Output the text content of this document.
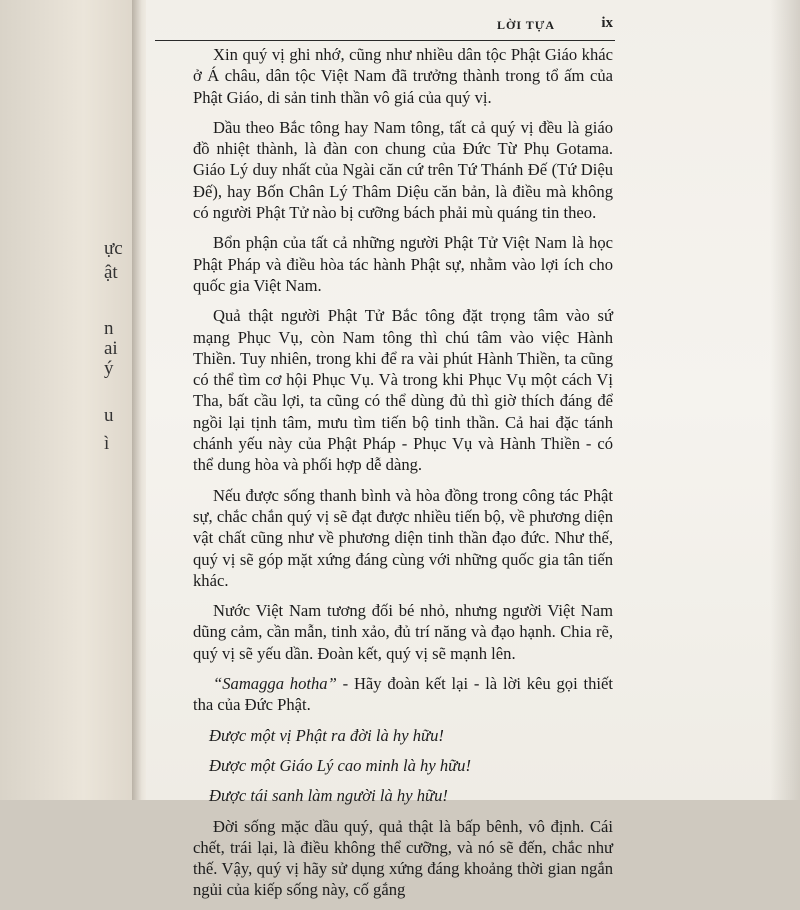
ực
ật
n
ai
ý
u
ì
LỜI TỰA	ix

Xin quý vị ghi nhớ, cũng như nhiều dân tộc Phật Giáo khác ở Á châu, dân tộc Việt Nam đã trưởng thành trong tổ ấm của Phật Giáo, di sản tinh thần vô giá của quý vị.

Dầu theo Bắc tông hay Nam tông, tất cả quý vị đều là giáo đồ nhiệt thành, là đàn con chung của Đức Từ Phụ Gotama. Giáo Lý duy nhất của Ngài căn cứ trên Tứ Thánh Đế (Tứ Diệu Đế), hay Bốn Chân Lý Thâm Diệu căn bản, là điều mà không có người Phật Tử nào bị cưỡng bách phải mù quáng tin theo.

Bổn phận của tất cả những người Phật Tử Việt Nam là học Phật Pháp và điều hòa tác hành Phật sự, nhằm vào lợi ích cho quốc gia Việt Nam.

Quả thật người Phật Tử Bắc tông đặt trọng tâm vào sứ mạng Phục Vụ, còn Nam tông thì chú tâm vào việc Hành Thiền. Tuy nhiên, trong khi để ra vài phút Hành Thiền, ta cũng có thể tìm cơ hội Phục Vụ. Và trong khi Phục Vụ một cách Vị Tha, bất cầu lợi, ta cũng có thể dùng đủ thì giờ thích đáng để ngồi lại tịnh tâm, mưu tìm tiến bộ tinh thần. Cả hai đặc tánh chánh yếu này của Phật Pháp - Phục Vụ và Hành Thiền - có thể dung hòa và phối hợp dễ dàng.

Nếu được sống thanh bình và hòa đồng trong công tác Phật sự, chắc chắn quý vị sẽ đạt được nhiều tiến bộ, về phương diện vật chất cũng như về phương diện tinh thần đạo đức. Như thế, quý vị sẽ góp mặt xứng đáng cùng với những quốc gia tân tiến khác.

Nước Việt Nam tương đối bé nhỏ, nhưng người Việt Nam dũng cảm, cần mẫn, tinh xảo, đủ trí năng và đạo hạnh. Chia rẽ, quý vị sẽ yếu dần. Đoàn kết, quý vị sẽ mạnh lên.

“Samagga hotha” - Hãy đoàn kết lại - là lời kêu gọi thiết tha của Đức Phật.

Được một vị Phật ra đời là hy hữu!

Được một Giáo Lý cao minh là hy hữu!

Được tái sanh làm người là hy hữu!

Đời sống mặc dầu quý, quả thật là bấp bênh, vô định. Cái chết, trái lại, là điều không thể cưỡng, và nó sẽ đến, chắc như thế. Vậy, quý vị hãy sử dụng xứng đáng khoảng thời gian ngắn ngủi của kiếp sống này, cố gắng
